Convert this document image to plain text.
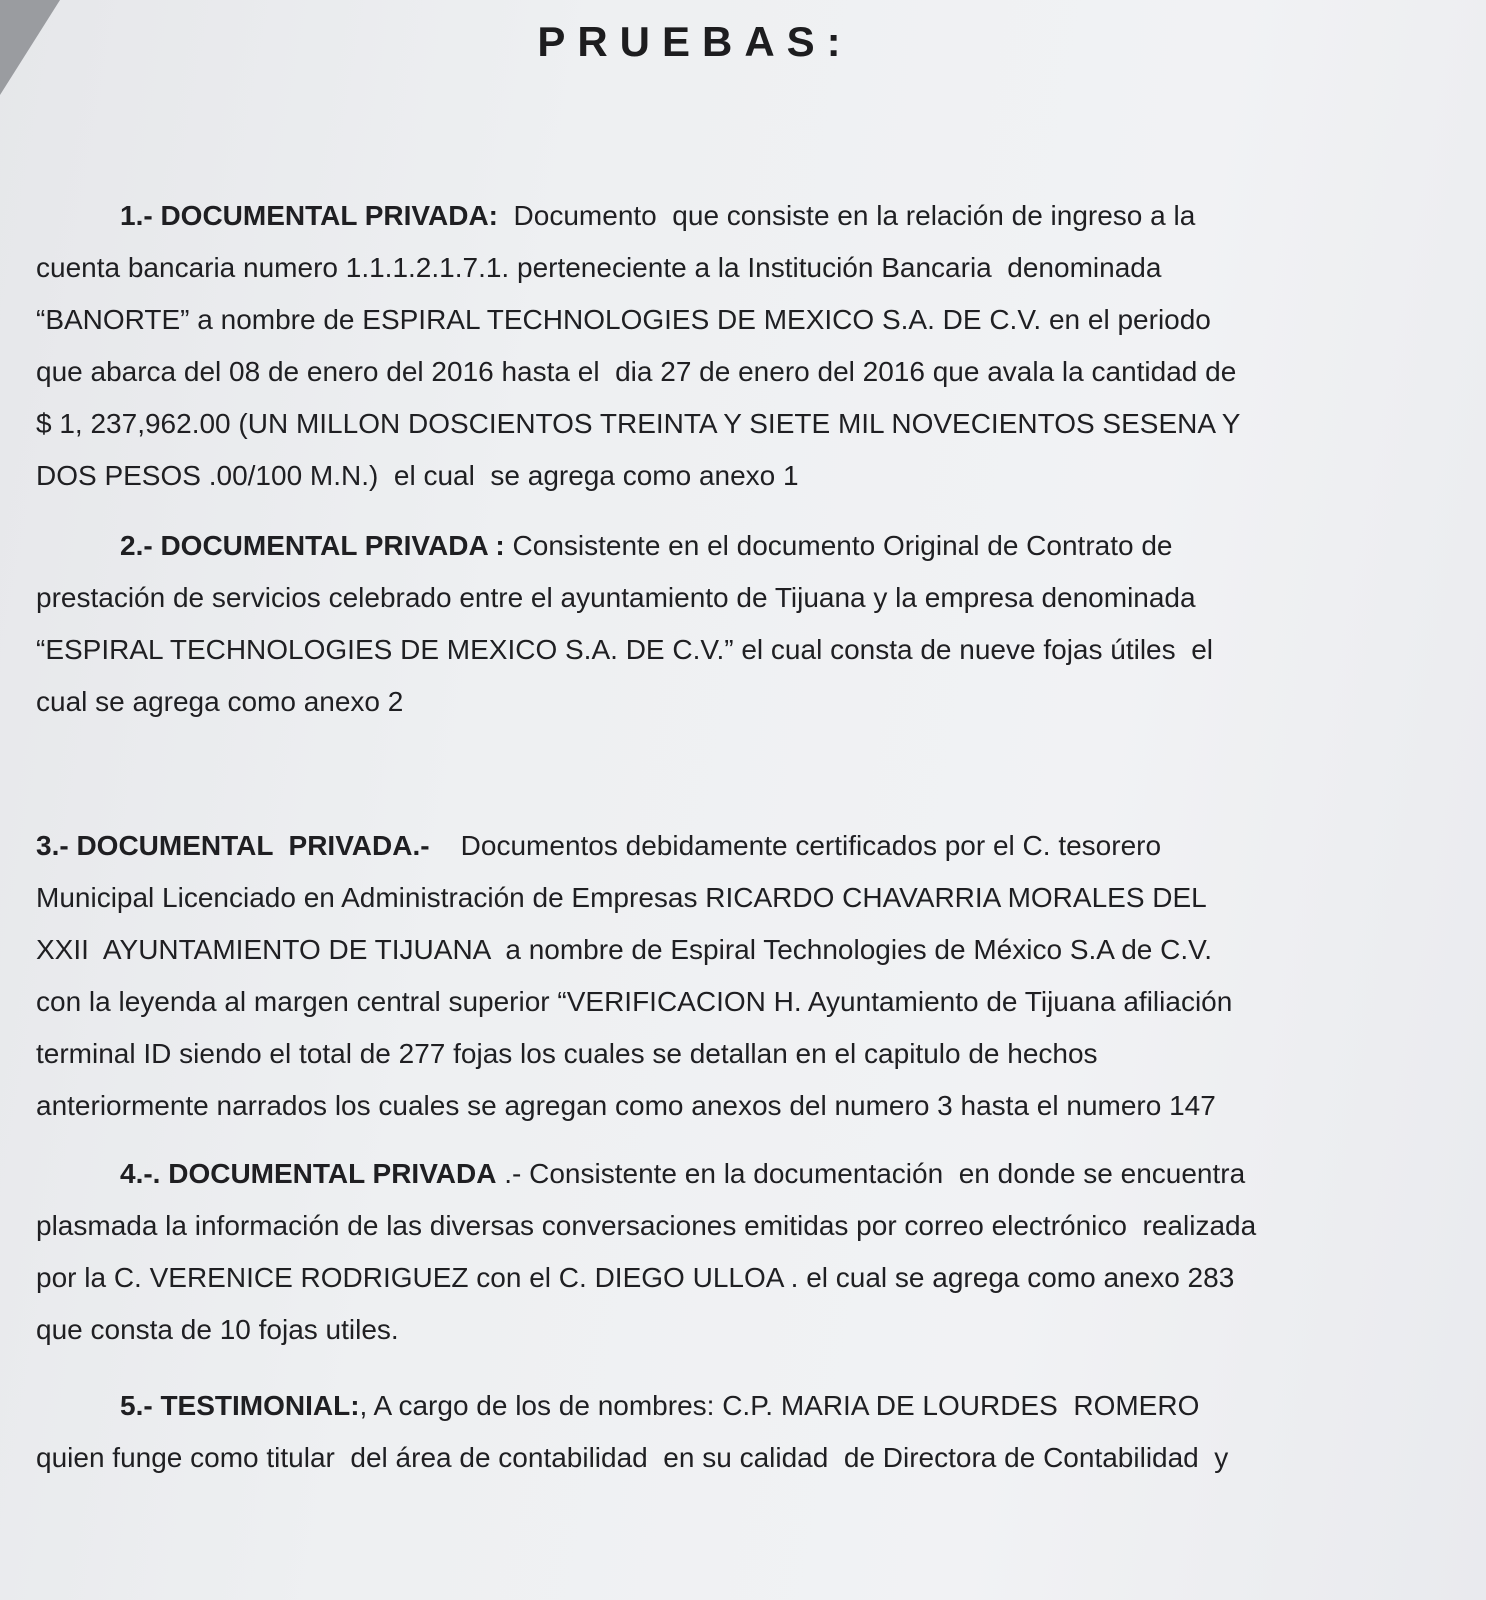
PRUEBAS:
1.- DOCUMENTAL PRIVADA:  Documento  que consiste en la relación de ingreso a la
cuenta bancaria numero 1.1.1.2.1.7.1. perteneciente a la Institución Bancaria  denominada
“BANORTE” a nombre de ESPIRAL TECHNOLOGIES DE MEXICO S.A. DE C.V. en el periodo
que abarca del 08 de enero del 2016 hasta el  dia 27 de enero del 2016 que avala la cantidad de
$ 1, 237,962.00 (UN MILLON DOSCIENTOS TREINTA Y SIETE MIL NOVECIENTOS SESENA Y
DOS PESOS .00/100 M.N.)  el cual  se agrega como anexo 1
2.- DOCUMENTAL PRIVADA : Consistente en el documento Original de Contrato de
prestación de servicios celebrado entre el ayuntamiento de Tijuana y la empresa denominada
“ESPIRAL TECHNOLOGIES DE MEXICO S.A. DE C.V.” el cual consta de nueve fojas útiles  el
cual se agrega como anexo 2
3.- DOCUMENTAL  PRIVADA.-    Documentos debidamente certificados por el C. tesorero
Municipal Licenciado en Administración de Empresas RICARDO CHAVARRIA MORALES DEL
XXII  AYUNTAMIENTO DE TIJUANA  a nombre de Espiral Technologies de México S.A de C.V.
con la leyenda al margen central superior “VERIFICACION H. Ayuntamiento de Tijuana afiliación
terminal ID siendo el total de 277 fojas los cuales se detallan en el capitulo de hechos
anteriormente narrados los cuales se agregan como anexos del numero 3 hasta el numero 147
4.-. DOCUMENTAL PRIVADA .- Consistente en la documentación  en donde se encuentra
plasmada la información de las diversas conversaciones emitidas por correo electrónico  realizada
por la C. VERENICE RODRIGUEZ con el C. DIEGO ULLOA . el cual se agrega como anexo 283
que consta de 10 fojas utiles.
5.- TESTIMONIAL:, A cargo de los de nombres: C.P. MARIA DE LOURDES  ROMERO
quien funge como titular  del área de contabilidad  en su calidad  de Directora de Contabilidad  y
